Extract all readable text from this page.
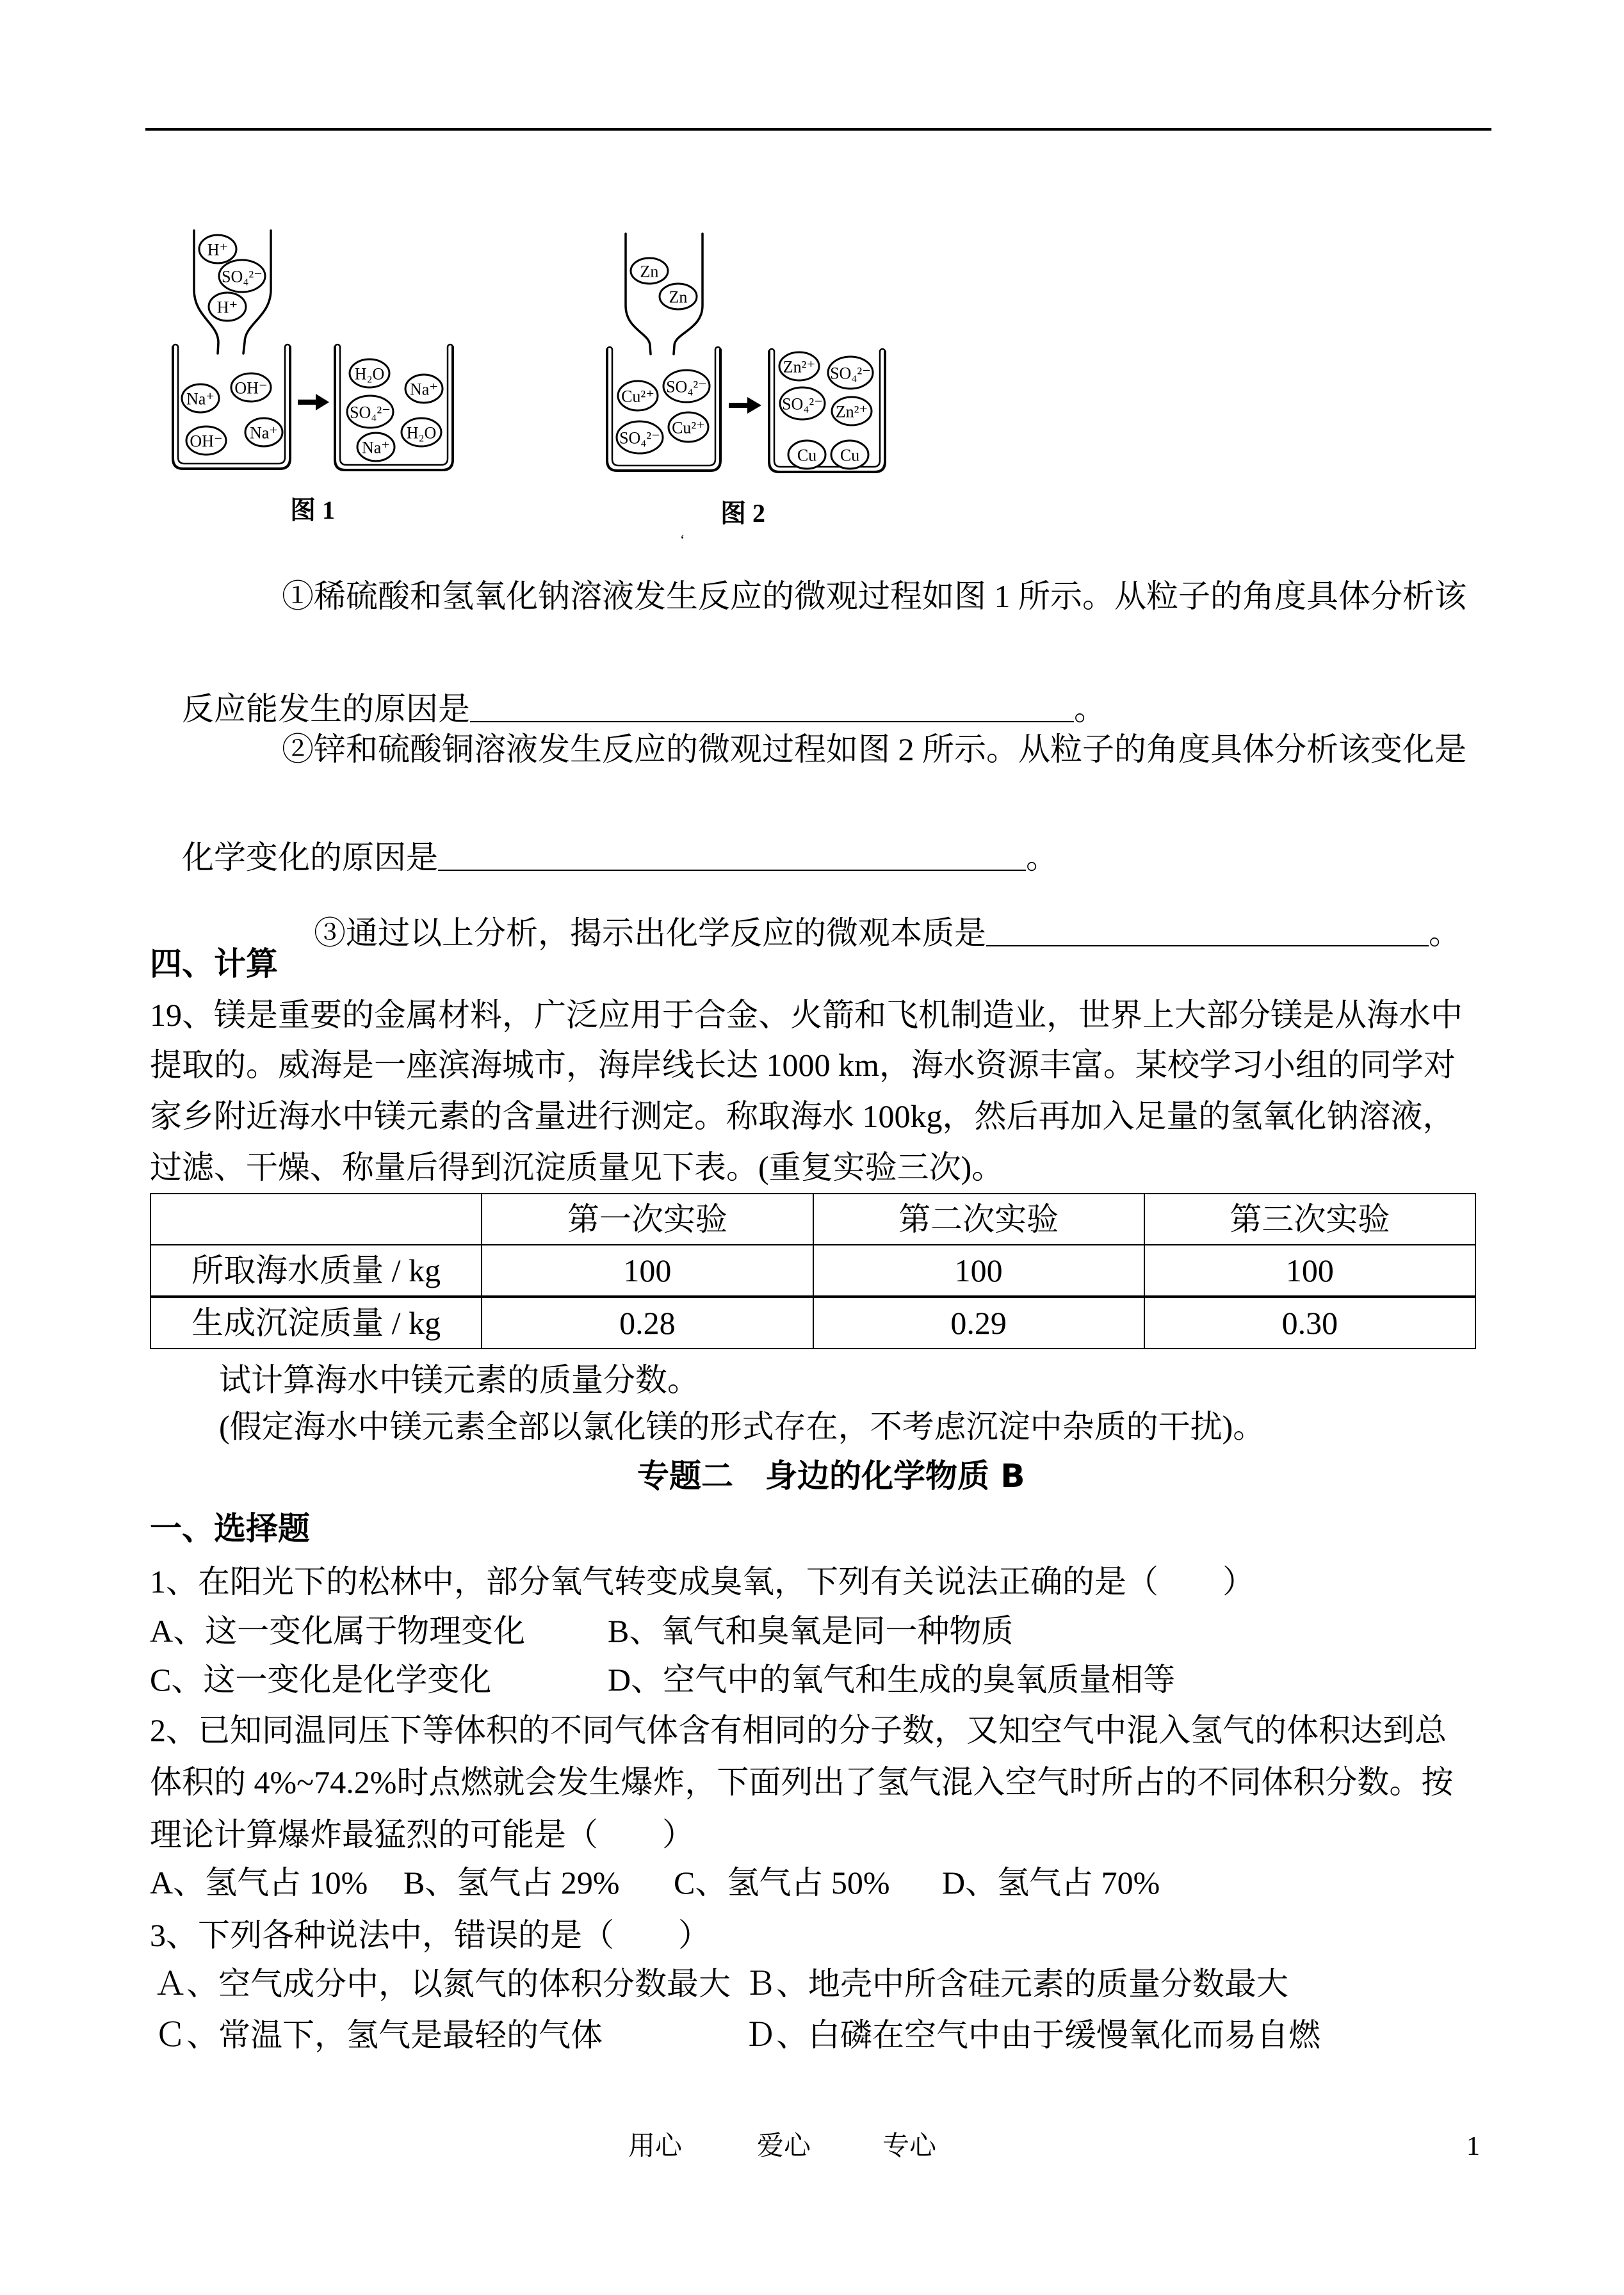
H⁺
SO₄²⁻
H⁺
Na⁺
OH⁻
OH⁻ Na⁺
H₂O
Na⁺
SO₄²⁻
H₂O
Na⁺
Zn
Zn
Cu²⁺
SO₄²⁻
SO₄²⁻
Cu²⁺
Zn²⁺ SO₄²⁻
SO₄²⁻ Zn²⁺
Cu Cu
‘
图 1	图 2
①稀硫酸和氢氧化钠溶液发生反应的微观过程如图 1 所示。从粒子的角度具体分析该

反应能发生的原因是	。

②锌和硫酸铜溶液发生反应的微观过程如图 2 所示。从粒子的角度具体分析该变化是

化学变化的原因是	。

③通过以上分析，揭示出化学反应的微观本质是	。

四、计算
19、镁是重要的金属材料，广泛应用于合金、火箭和飞机制造业，世界上大部分镁是从海水中
提取的。威海是一座滨海城市，海岸线长达 1000 km，海水资源丰富。某校学习小组的同学对
家乡附近海水中镁元素的含量进行测定。称取海水 100kg，然后再加入足量的氢氧化钠溶液，
过滤、干燥、称量后得到沉淀质量见下表。(重复实验三次)。
	第一次实验	第二次实验	第三次实验
所取海水质量 / kg	100	100	100
生成沉淀质量 / kg	0.28	0.29	0.30
试计算海水中镁元素的质量分数。
(假定海水中镁元素全部以氯化镁的形式存在，不考虑沉淀中杂质的干扰)。
专题二　身边的化学物质 B
一、选择题
1、在阳光下的松林中，部分氧气转变成臭氧，下列有关说法正确的是（　　）
A、这一变化属于物理变化	B、氧气和臭氧是同一种物质
C、这一变化是化学变化	D、空气中的氧气和生成的臭氧质量相等
2、已知同温同压下等体积的不同气体含有相同的分子数，又知空气中混入氢气的体积达到总
体积的 4%~74.2%时点燃就会发生爆炸，下面列出了氢气混入空气时所占的不同体积分数。按
理论计算爆炸最猛烈的可能是（　　）
A、氢气占 10% B、氢气占 29% C、氢气占 50% D、氢气占 70%
3、下列各种说法中，错误的是（　　）
Ａ、空气成分中，以氮气的体积分数最大 Ｂ、地壳中所含硅元素的质量分数最大
Ｃ、常温下，氢气是最轻的气体	Ｄ、白磷在空气中由于缓慢氧化而易自燃
用心	爱心	专心	1
